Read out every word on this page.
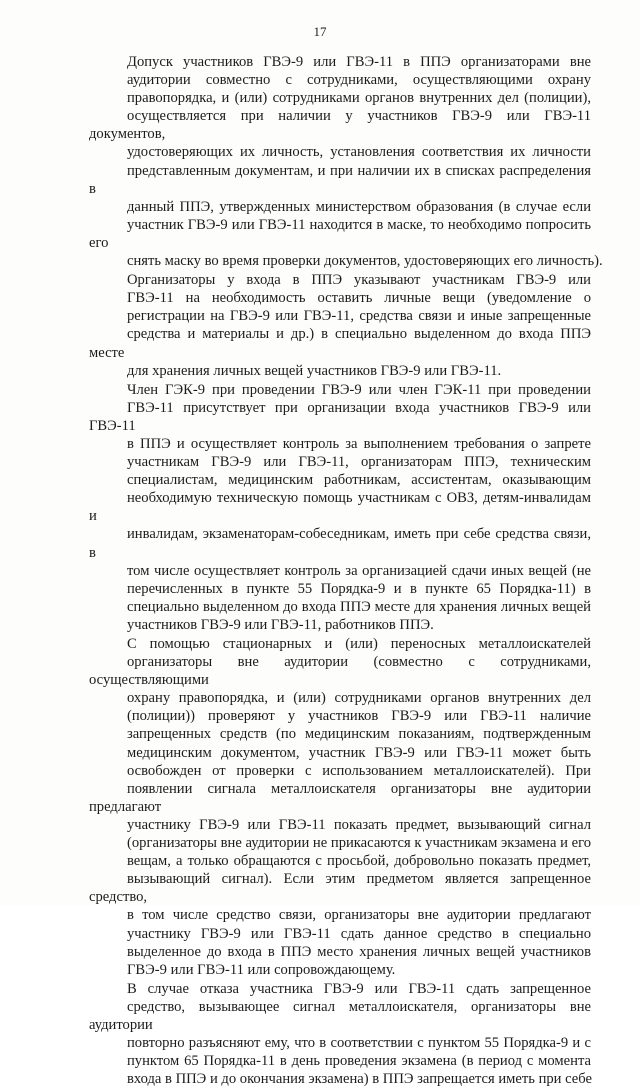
17

Допуск участников ГВЭ-9 или ГВЭ-11 в ППЭ организаторами вне
аудитории совместно с сотрудниками, осуществляющими охрану
правопорядка, и (или) сотрудниками органов внутренних дел (полиции),
осуществляется при наличии у участников ГВЭ-9 или ГВЭ-11 документов,
удостоверяющих их личность, установления соответствия их личности
представленным документам, и при наличии их в списках распределения в
данный ППЭ, утвержденных министерством образования (в случае если
участник ГВЭ-9 или ГВЭ-11 находится в маске, то необходимо попросить его
снять маску во время проверки документов, удостоверяющих его личность).

Организаторы у входа в ППЭ указывают участникам ГВЭ-9 или
ГВЭ-11 на необходимость оставить личные вещи (уведомление о
регистрации на ГВЭ-9 или ГВЭ-11, средства связи и иные запрещенные
средства и материалы и др.) в специально выделенном до входа ППЭ месте
для хранения личных вещей участников ГВЭ-9 или ГВЭ-11.

Член ГЭК-9 при проведении ГВЭ-9 или член ГЭК-11 при проведении
ГВЭ-11 присутствует при организации входа участников ГВЭ-9 или ГВЭ-11
в ППЭ и осуществляет контроль за выполнением требования о запрете
участникам ГВЭ-9 или ГВЭ-11, организаторам ППЭ, техническим
специалистам, медицинским работникам, ассистентам, оказывающим
необходимую техническую помощь участникам с ОВЗ, детям-инвалидам и
инвалидам, экзаменаторам-собеседникам, иметь при себе средства связи, в
том числе осуществляет контроль за организацией сдачи иных вещей (не
перечисленных в пункте 55 Порядка-9 и в пункте 65 Порядка-11) в
специально выделенном до входа ППЭ месте для хранения личных вещей
участников ГВЭ-9 или ГВЭ-11, работников ППЭ.

С помощью стационарных и (или) переносных металлоискателей
организаторы вне аудитории (совместно с сотрудниками, осуществляющими
охрану правопорядка, и (или) сотрудниками органов внутренних дел
(полиции)) проверяют у участников ГВЭ-9 или ГВЭ-11 наличие
запрещенных средств (по медицинским показаниям, подтвержденным
медицинским документом, участник ГВЭ-9 или ГВЭ-11 может быть
освобожден от проверки с использованием металлоискателей). При
появлении сигнала металлоискателя организаторы вне аудитории предлагают
участнику ГВЭ-9 или ГВЭ-11 показать предмет, вызывающий сигнал
(организаторы вне аудитории не прикасаются к участникам экзамена и его
вещам, а только обращаются с просьбой, добровольно показать предмет,
вызывающий сигнал). Если этим предметом является запрещенное средство,
в том числе средство связи, организаторы вне аудитории предлагают
участнику ГВЭ-9 или ГВЭ-11 сдать данное средство в специально
выделенное до входа в ППЭ место хранения личных вещей участников
ГВЭ-9 или ГВЭ-11 или сопровождающему.

В случае отказа участника ГВЭ-9 или ГВЭ-11 сдать запрещенное
средство, вызывающее сигнал металлоискателя, организаторы вне аудитории
повторно разъясняют ему, что в соответствии с пунктом 55 Порядка-9 и с
пунктом 65 Порядка-11 в день проведения экзамена (в период с момента
входа в ППЭ и до окончания экзамена) в ППЭ запрещается иметь при себе
